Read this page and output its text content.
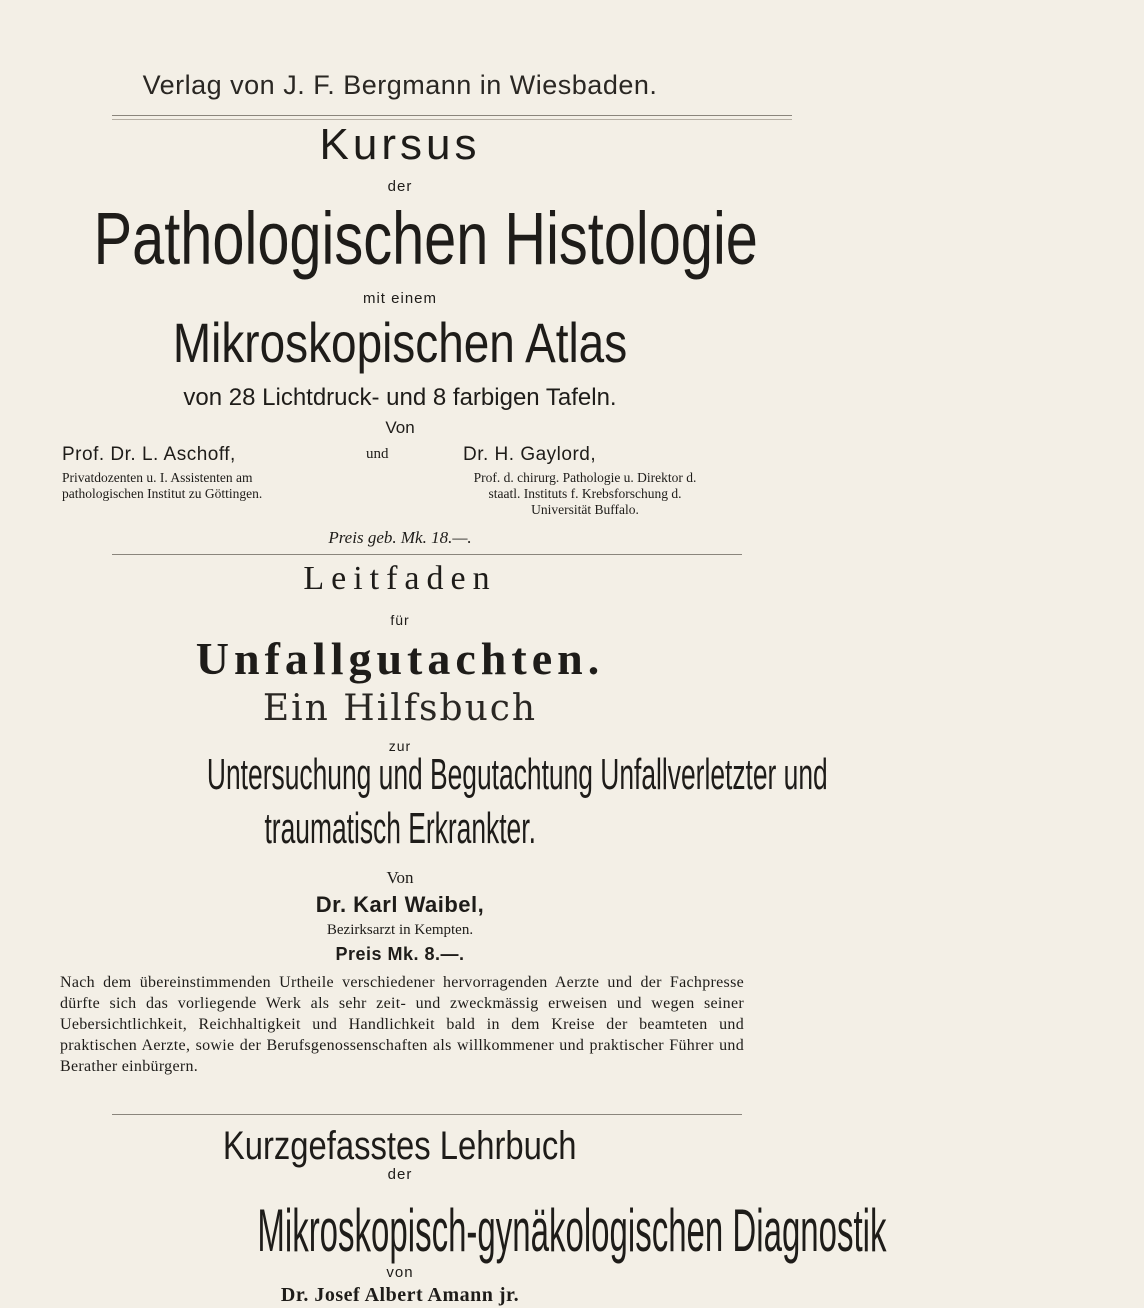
Verlag von J. F. Bergmann in Wiesbaden.
Kursus
der
Pathologischen Histologie
mit einem
Mikroskopischen Atlas
von 28 Lichtdruck- und 8 farbigen Tafeln.
Von
Prof. Dr. L. Aschoff,	und	Dr. H. Gaylord,
Privatdozenten u. I. Assistenten am
pathologischen Institut zu Göttingen.
Prof. d. chirurg. Pathologie u. Direktor d.
staatl. Instituts f. Krebsforschung d.
Universität Buffalo.
Preis geb. Mk. 18.—.
Leitfaden
für
Unfallgutachten.
Ein Hilfsbuch
zur
Untersuchung und Begutachtung Unfallverletzter und
traumatisch Erkrankter.
Von
Dr. Karl Waibel,
Bezirksarzt in Kempten.
Preis Mk. 8.—.
Nach dem übereinstimmenden Urtheile verschiedener hervorragenden Aerzte und der Fachpresse dürfte sich das vorliegende Werk als sehr zeit- und zweckmässig erweisen und wegen seiner Uebersichtlichkeit, Reichhaltigkeit und Handlichkeit bald in dem Kreise der beamteten und praktischen Aerzte, sowie der Berufsgenossenschaften als willkommener und praktischer Führer und Berather einbürgern.
Kurzgefasstes Lehrbuch
der
Mikroskopisch-gynäkologischen Diagnostik
von
Dr. Josef Albert Amann jr.
